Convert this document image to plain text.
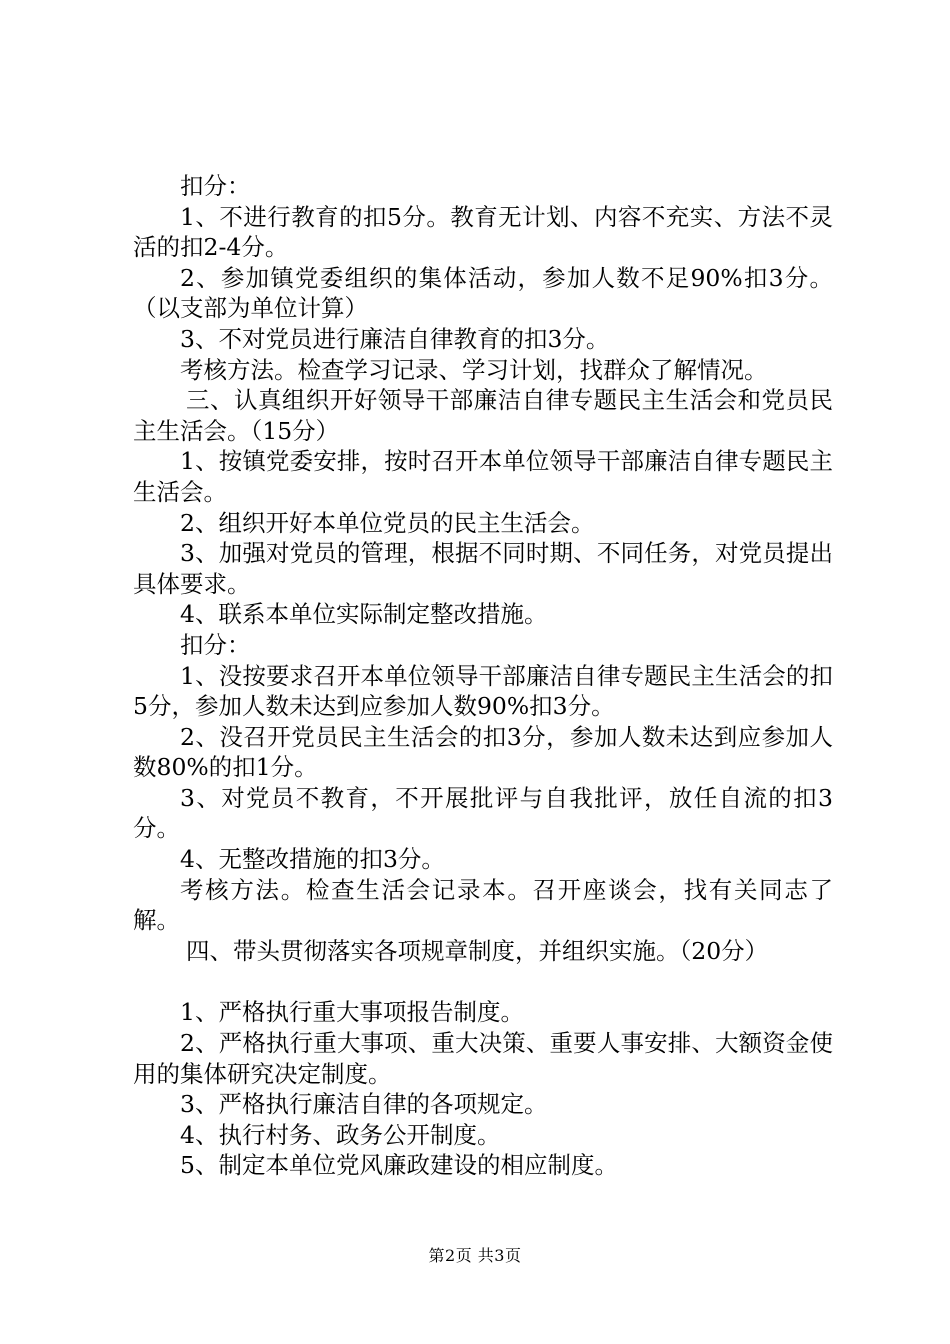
扣分：

1、不进行教育的扣5分。教育无计划、内容不充实、方法不灵活的扣2-4分。

2、参加镇党委组织的集体活动，参加人数不足90%扣3分。（以支部为单位计算）

3、不对党员进行廉洁自律教育的扣3分。

考核方法。检查学习记录、学习计划，找群众了解情况。

三、认真组织开好领导干部廉洁自律专题民主生活会和党员民主生活会。（15分）

1、按镇党委安排，按时召开本单位领导干部廉洁自律专题民主生活会。

2、组织开好本单位党员的民主生活会。

3、加强对党员的管理，根据不同时期、不同任务，对党员提出具体要求。

4、联系本单位实际制定整改措施。

扣分：

1、没按要求召开本单位领导干部廉洁自律专题民主生活会的扣5分，参加人数未达到应参加人数90%扣3分。

2、没召开党员民主生活会的扣3分，参加人数未达到应参加人数80%的扣1分。

3、对党员不教育，不开展批评与自我批评，放任自流的扣3分。

4、无整改措施的扣3分。

考核方法。检查生活会记录本。召开座谈会，找有关同志了解。

四、带头贯彻落实各项规章制度，并组织实施。（20分）

1、严格执行重大事项报告制度。

2、严格执行重大事项、重大决策、重要人事安排、大额资金使用的集体研究决定制度。

3、严格执行廉洁自律的各项规定。

4、执行村务、政务公开制度。

5、制定本单位党风廉政建设的相应制度。

第2页 共3页
